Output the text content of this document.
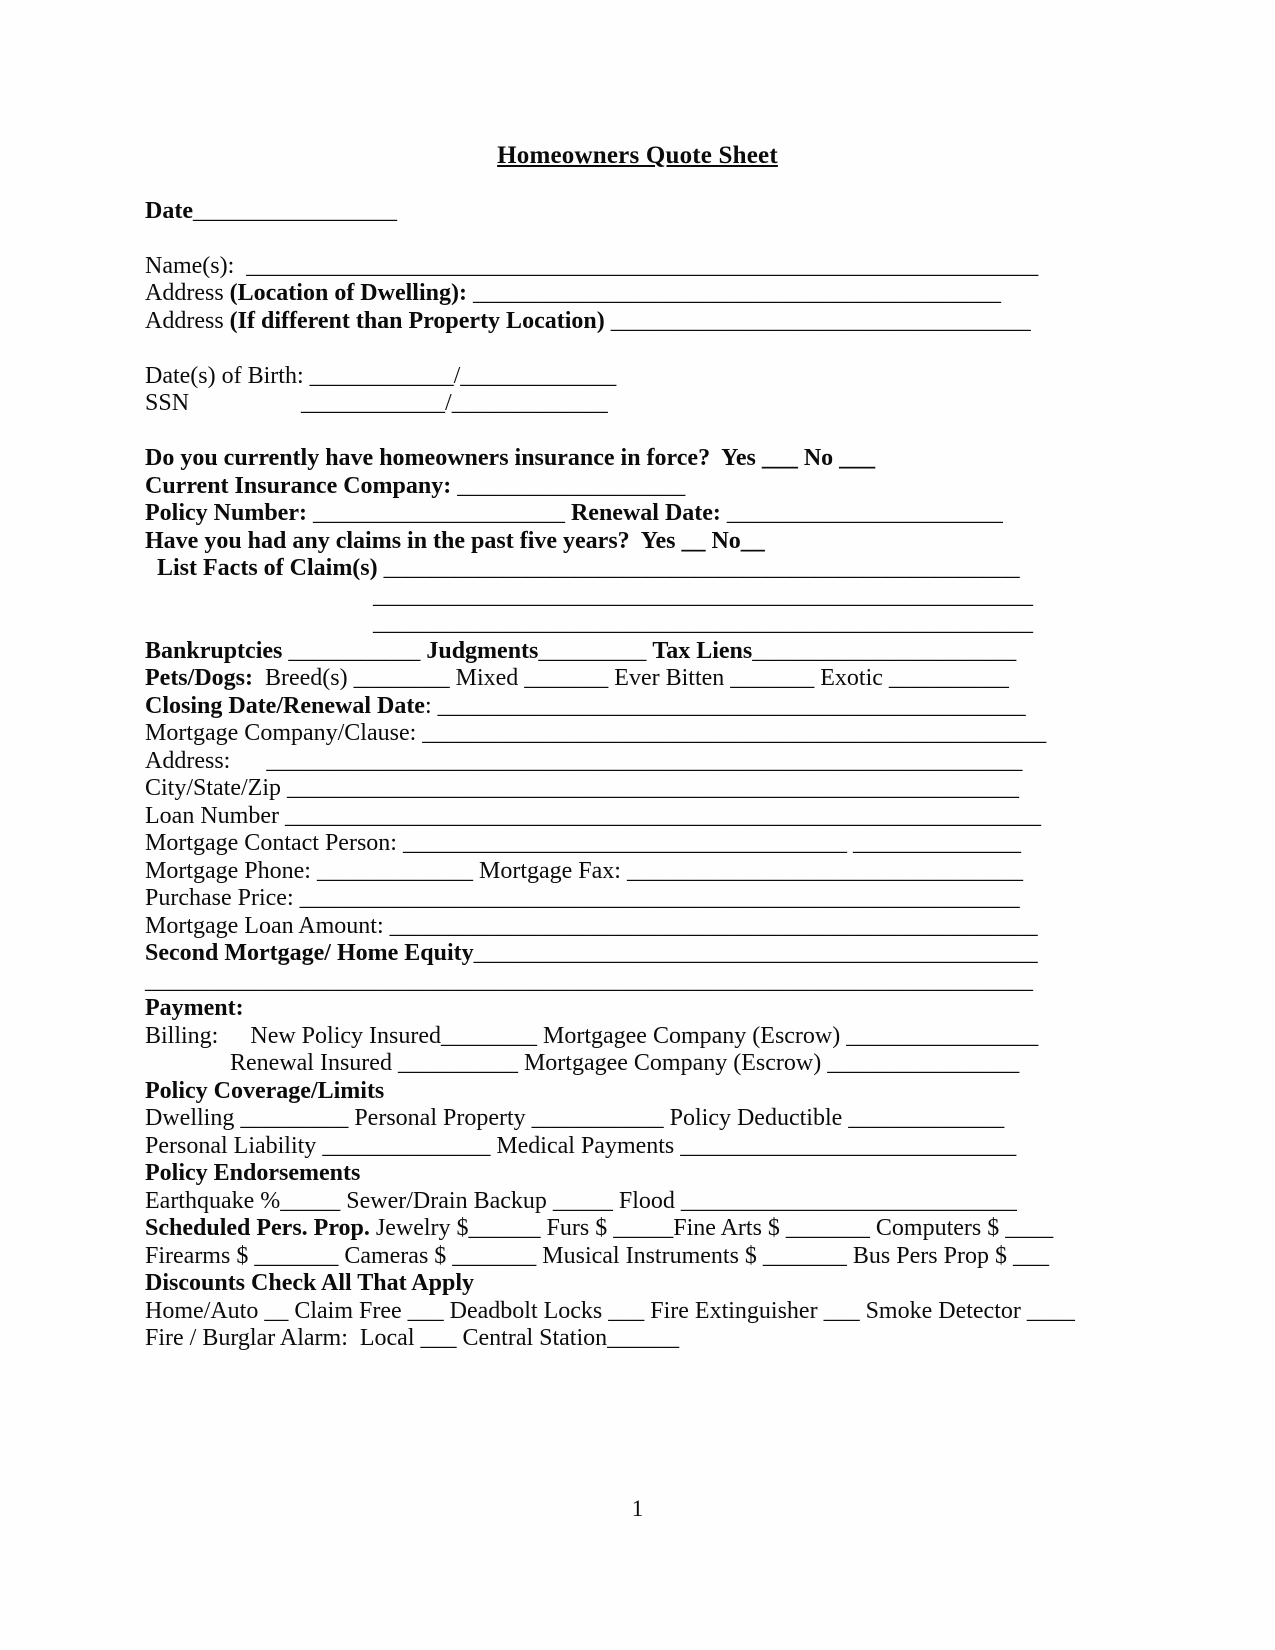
Homeowners Quote Sheet
Date_________________
Name(s):  __________________________________________________________________
Address (Location of Dwelling): ____________________________________________
Address (If different than Property Location) ___________________________________
Date(s) of Birth: ____________/_____________
SSN	____________/_____________
Do you currently have homeowners insurance in force?  Yes ___ No ___
Current Insurance Company: ___________________
Policy Number: _____________________ Renewal Date: _______________________
Have you had any claims in the past five years?  Yes __ No__
List Facts of Claim(s) _____________________________________________________
_______________________________________________________
_______________________________________________________
Bankruptcies ___________ Judgments_________ Tax Liens______________________
Pets/Dogs:  Breed(s) ________ Mixed _______ Ever Bitten _______ Exotic __________
Closing Date/Renewal Date: _________________________________________________
Mortgage Company/Clause: ____________________________________________________
Address: _______________________________________________________________
City/State/Zip _____________________________________________________________
Loan Number _______________________________________________________________
Mortgage Contact Person: _____________________________________ ______________
Mortgage Phone: _____________ Mortgage Fax: _________________________________
Purchase Price: ____________________________________________________________
Mortgage Loan Amount: ______________________________________________________
Second Mortgage/ Home Equity_______________________________________________
__________________________________________________________________________
Payment:
Billing: New Policy Insured________ Mortgagee Company (Escrow) ________________
Renewal Insured __________ Mortgagee Company (Escrow) ________________
Policy Coverage/Limits
Dwelling _________ Personal Property ___________ Policy Deductible _____________
Personal Liability ______________ Medical Payments ____________________________
Policy Endorsements
Earthquake %_____ Sewer/Drain Backup _____ Flood ____________________________
Scheduled Pers. Prop. Jewelry $______ Furs $ _____Fine Arts $ _______ Computers $ ____
Firearms $ _______ Cameras $ _______ Musical Instruments $ _______ Bus Pers Prop $ ___
Discounts Check All That Apply
Home/Auto __ Claim Free ___ Deadbolt Locks ___ Fire Extinguisher ___ Smoke Detector ____
Fire / Burglar Alarm:  Local ___ Central Station______
1
